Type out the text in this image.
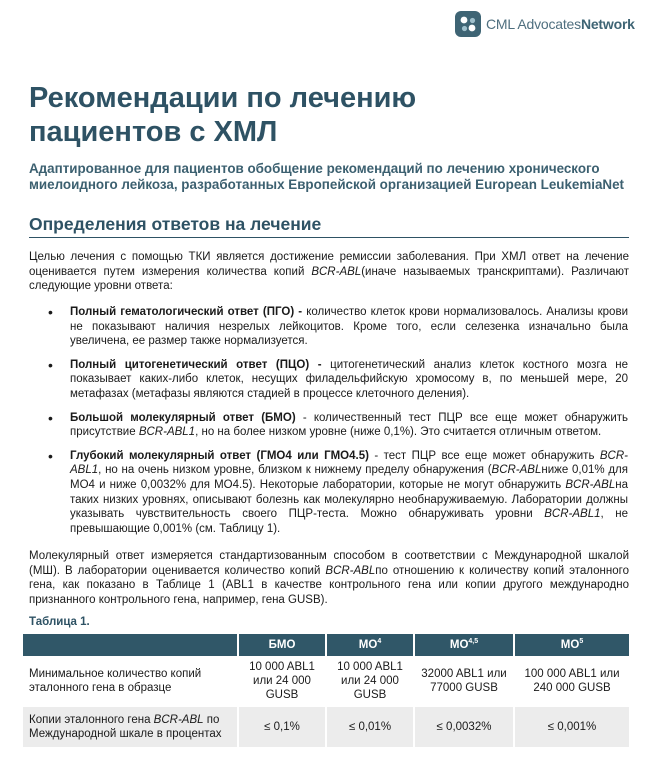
CML AdvocatesNetwork
Рекомендации по лечению пациентов с ХМЛ

Адаптированное для пациентов обобщение рекомендаций по лечению хронического миелоидного лейкоза, разработанных Европейской организацией European LeukemiaNet

Определения ответов на лечение

Целью лечения с помощью ТКИ является достижение ремиссии заболевания. При ХМЛ ответ на лечение оценивается путем измерения количества копий BCR-ABL(иначе называемых транскриптами). Различают следующие уровни ответа:

• Полный гематологический ответ (ПГО) - количество клеток крови нормализовалось. Анализы крови не показывают наличия незрелых лейкоцитов. Кроме того, если селезенка изначально была увеличена, ее размер также нормализуется.
• Полный цитогенетический ответ (ПЦО) - цитогенетический анализ клеток костного мозга не показывает каких-либо клеток, несущих филадельфийскую хромосому в, по меньшей мере, 20 метафазах (метафазы являются стадией в процессе клеточного деления).
• Большой молекулярный ответ (БМО) - количественный тест ПЦР все еще может обнаружить присутствие BCR-ABL1, но на более низком уровне (ниже 0,1%). Это считается отличным ответом.
• Глубокий молекулярный ответ (ГМО4 или ГМО4.5) - тест ПЦР все еще может обнаружить BCR-ABL1, но на очень низком уровне, близком к нижнему пределу обнаружения (BCR-ABLниже 0,01% для МО4 и ниже 0,0032% для МО4.5). Некоторые лаборатории, которые не могут обнаружить BCR-ABLна таких низких уровнях, описывают болезнь как молекулярно необнаруживаемую. Лаборатории должны указывать чувствительность своего ПЦР-теста. Можно обнаруживать уровни BCR-ABL1, не превышающие 0,001% (см. Таблицу 1).

Молекулярный ответ измеряется стандартизованным способом в соответствии с Международной шкалой (МШ). В лаборатории оценивается количество копий BCR-ABLпо отношению к количеству копий эталонного гена, как показано в Таблице 1 (ABL1 в качестве контрольного гена или копии другого международно признанного контрольного гена, например, гена GUSB).

Таблица 1.

	БМО	$МО^4$	МО$^{4,5}$	$МО^5$
Минимальное количество копий эталонного гена в образце	10 000 ABL1 или 24 000 GUSB	10 000 ABL1 или 24 000 GUSB	32000 ABL1 или 77000 GUSB	100 000 ABL1 или 240 000 GUSB
Копии эталонного гена BCR-ABL по Международной шкале в процентах	≤ 0,1%	≤ 0,01%	≤ 0,0032%	≤ 0,001%
